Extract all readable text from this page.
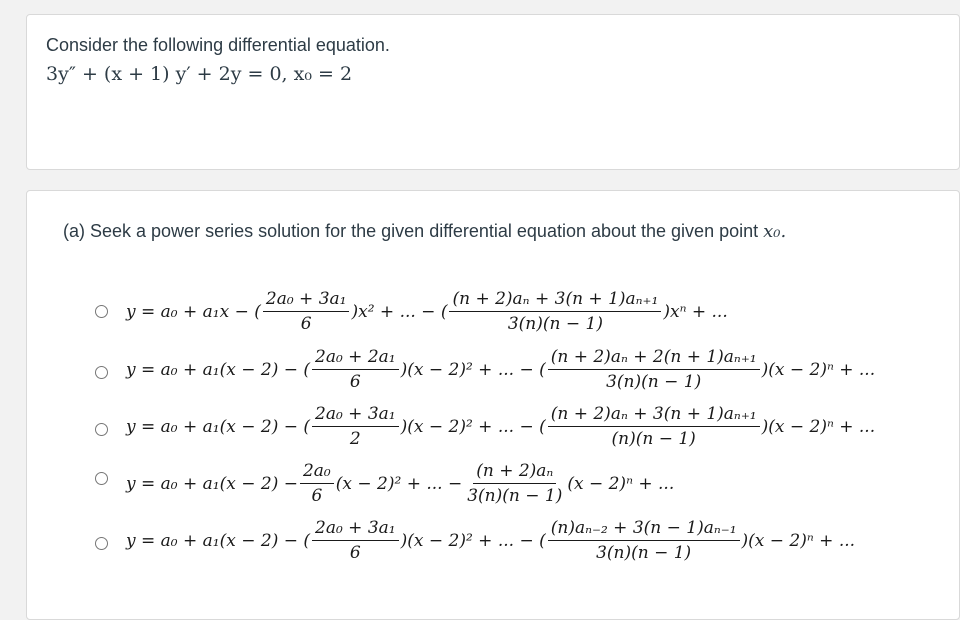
Consider the following differential equation.
3y″ + (x + 1) y′ + 2y = 0, x₀ = 2
(a) Seek a power series solution for the given differential equation about the given point x₀.
y = a₀ + a₁x − ( $\frac{\text{2a₀ + 3a₁}}{6} )x^2$ + ... − ( $\frac{\text{(n + 2)aₙ + 3(n + 1)aₙ₊₁}}{3(n)(n - 1)} )x^n$ + ...
y = a₀ + a₁(x − 2) − ( $\frac{\text{2a₀ + 2a₁}}{6} )(x - 2)^2$ + ... − ( $\frac{\text{(n + 2)aₙ + 2(n + 1)aₙ₊₁}}{3(n)(n - 1)} )(x - 2)^n$ + ...
y = a₀ + a₁(x − 2) − ( $\frac{\text{2a₀ + 3a₁}}{2} )(x - 2)^2$ + ... − ( $\frac{\text{(n + 2)aₙ + 3(n + 1)aₙ₊₁}}{(n)(n - 1)} )(x - 2)^n$ + ...
$y = a_0 + a_1(x - 2) - \frac{\text{2a₀}}{6} (x - 2)^2$ + ... − $\frac{\text{(n + 2)aₙ}}{3(n)(n - 1)} (x - 2)^n$ + ...
y = a₀ + a₁(x − 2) − ( $\frac{\text{2a₀ + 3a₁}}{6} )(x - 2)^2$ + ... − ( $\frac{\text{(n)aₙ₋₂ + 3(n − 1)aₙ₋₁}}{3(n)(n - 1)} )(x - 2)^n$ + ...
